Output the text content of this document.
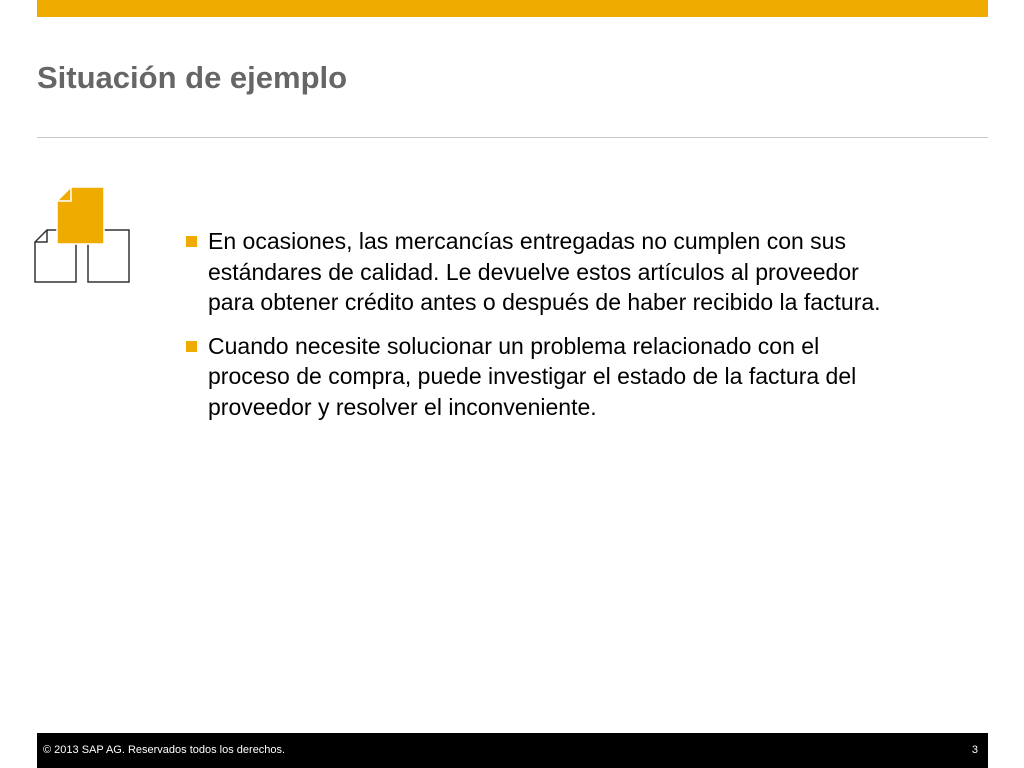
Situación de ejemplo
En ocasiones, las mercancías entregadas no cumplen con sus estándares de calidad. Le devuelve estos artículos al proveedor para obtener crédito antes o después de haber recibido la factura.
Cuando necesite solucionar un problema relacionado con el proceso de compra, puede investigar el estado de la factura del proveedor y resolver el inconveniente.
© 2013 SAP AG. Reservados todos los derechos.	3
